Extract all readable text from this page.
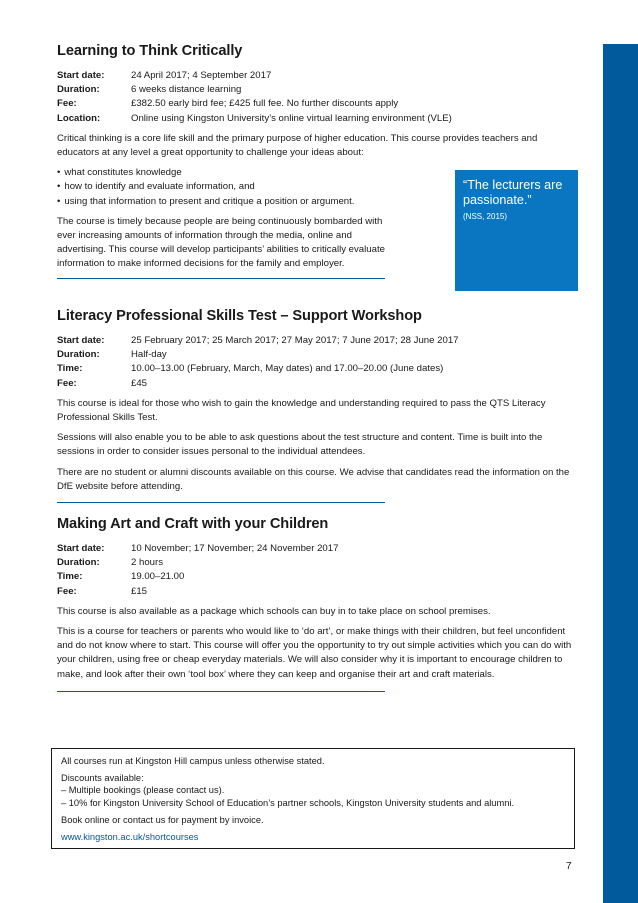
Learning to Think Critically
Start date:	24 April 2017; 4 September 2017
Duration:	6 weeks distance learning
Fee:	£382.50 early bird fee; £425 full fee. No further discounts apply
Location:	Online using Kingston University’s online virtual learning environment (VLE)

Critical thinking is a core life skill and the primary purpose of higher education. This course provides teachers and educators at any level a great opportunity to challenge your ideas about:

• what constitutes knowledge
• how to identify and evaluate information, and
• using that information to present and critique a position or argument.

The course is timely because people are being continuously bombarded with ever increasing amounts of information through the media, online and advertising. This course will develop participants’ abilities to critically evaluate information to make informed decisions for the family and employer.

Literacy Professional Skills Test – Support Workshop
Start date:	25 February 2017; 25 March 2017; 27 May 2017; 7 June 2017; 28 June 2017
Duration:	Half-day
Time:	10.00–13.00 (February, March, May dates) and 17.00–20.00 (June dates)
Fee:	£45

This course is ideal for those who wish to gain the knowledge and understanding required to pass the QTS Literacy Professional Skills Test.

Sessions will also enable you to be able to ask questions about the test structure and content. Time is built into the sessions in order to consider issues personal to the individual attendees.

There are no student or alumni discounts available on this course. We advise that candidates read the information on the DfE website before attending.

Making Art and Craft with your Children
Start date:	10 November; 17 November; 24 November 2017
Duration:	2 hours
Time:	19.00–21.00
Fee:	£15

This course is also available as a package which schools can buy in to take place on school premises.

This is a course for teachers or parents who would like to ‘do art’, or make things with their children, but feel unconfident and do not know where to start. This course will offer you the opportunity to try out simple activities which you can do with your children, using free or cheap everyday materials. We will also consider why it is important to encourage children to make, and look after their own ‘tool box’ where they can keep and organise their art and craft materials.

“The lecturers are passionate.”
(NSS, 2015)

All courses run at Kingston Hill campus unless otherwise stated.

Discounts available:

– Multiple bookings (please contact us).

– 10% for Kingston University School of Education’s partner schools, Kingston University students and alumni.

Book online or contact us for payment by invoice.

www.kingston.ac.uk/shortcourses

7
